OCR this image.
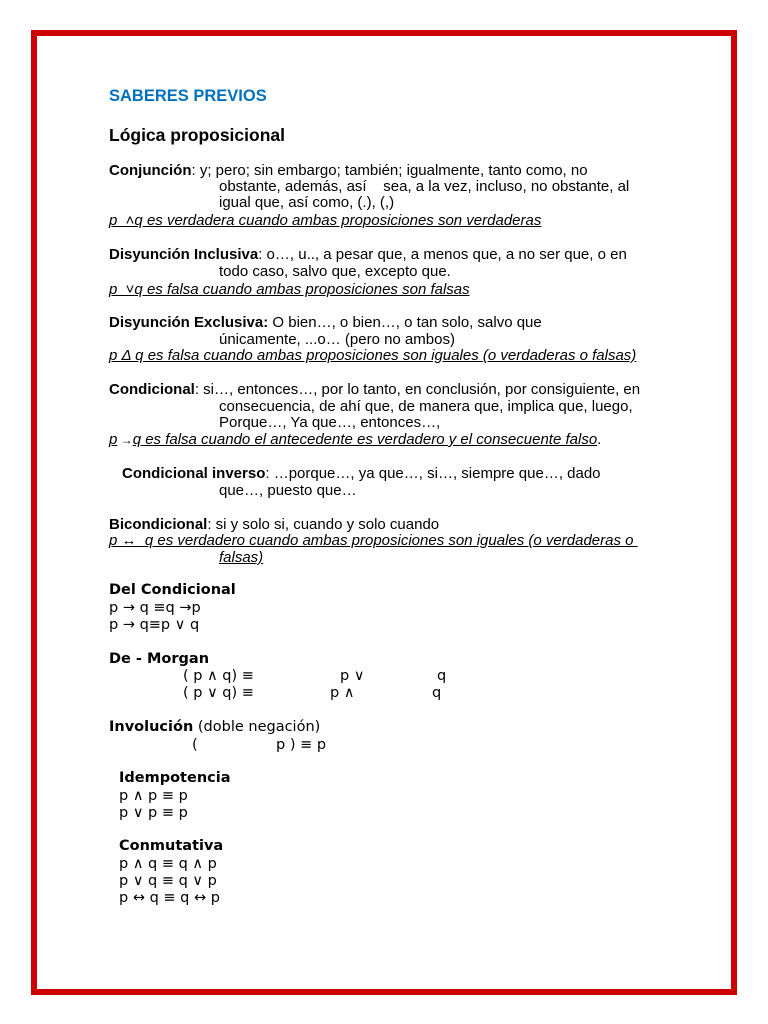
SABERES PREVIOS
Lógica proposicional
Conjunción: y; pero; sin embargo; también; igualmente, tanto como, no
obstante, además, así    sea, a la vez, incluso, no obstante, al
igual que, así como, (.), (,)
p  ˄q es verdadera cuando ambas proposiciones son verdaderas
Disyunción Inclusiva: o…, u.., a pesar que, a menos que, a no ser que, o en
todo caso, salvo que, excepto que.
p  ˅q es falsa cuando ambas proposiciones son falsas
Disyunción Exclusiva: O bien…, o bien…, o tan solo, salvo que
únicamente, ...o… (pero no ambos)
p Δ q es falsa cuando ambas proposiciones son iguales (o verdaderas o falsas)
Condicional: si…, entonces…, por lo tanto, en conclusión, por consiguiente, en
consecuencia, de ahí que, de manera que, implica que, luego,
Porque…, Ya que…, entonces…,
p →q es falsa cuando el antecedente es verdadero y el consecuente falso.
Condicional inverso: …porque…, ya que…, si…, siempre que…, dado
que…, puesto que…
Bicondicional: si y solo si, cuando y solo cuando
p ↔  q es verdadero cuando ambas proposiciones son iguales (o verdaderas o
falsas)
Del Condicional
p → q ≡q →p
p → q≡p ∨ q
De - Morgan
( p ∧ q) ≡	p ∨	q
( p ∨ q) ≡	p ∧	q
Involución (doble negación)
(	p ) ≡ p
Idempotencia
p ∧ p ≡ p
p ∨ p ≡ p
Conmutativa
p ∧ q ≡ q ∧ p
p ∨ q ≡ q ∨ p
p ↔ q ≡ q ↔ p
